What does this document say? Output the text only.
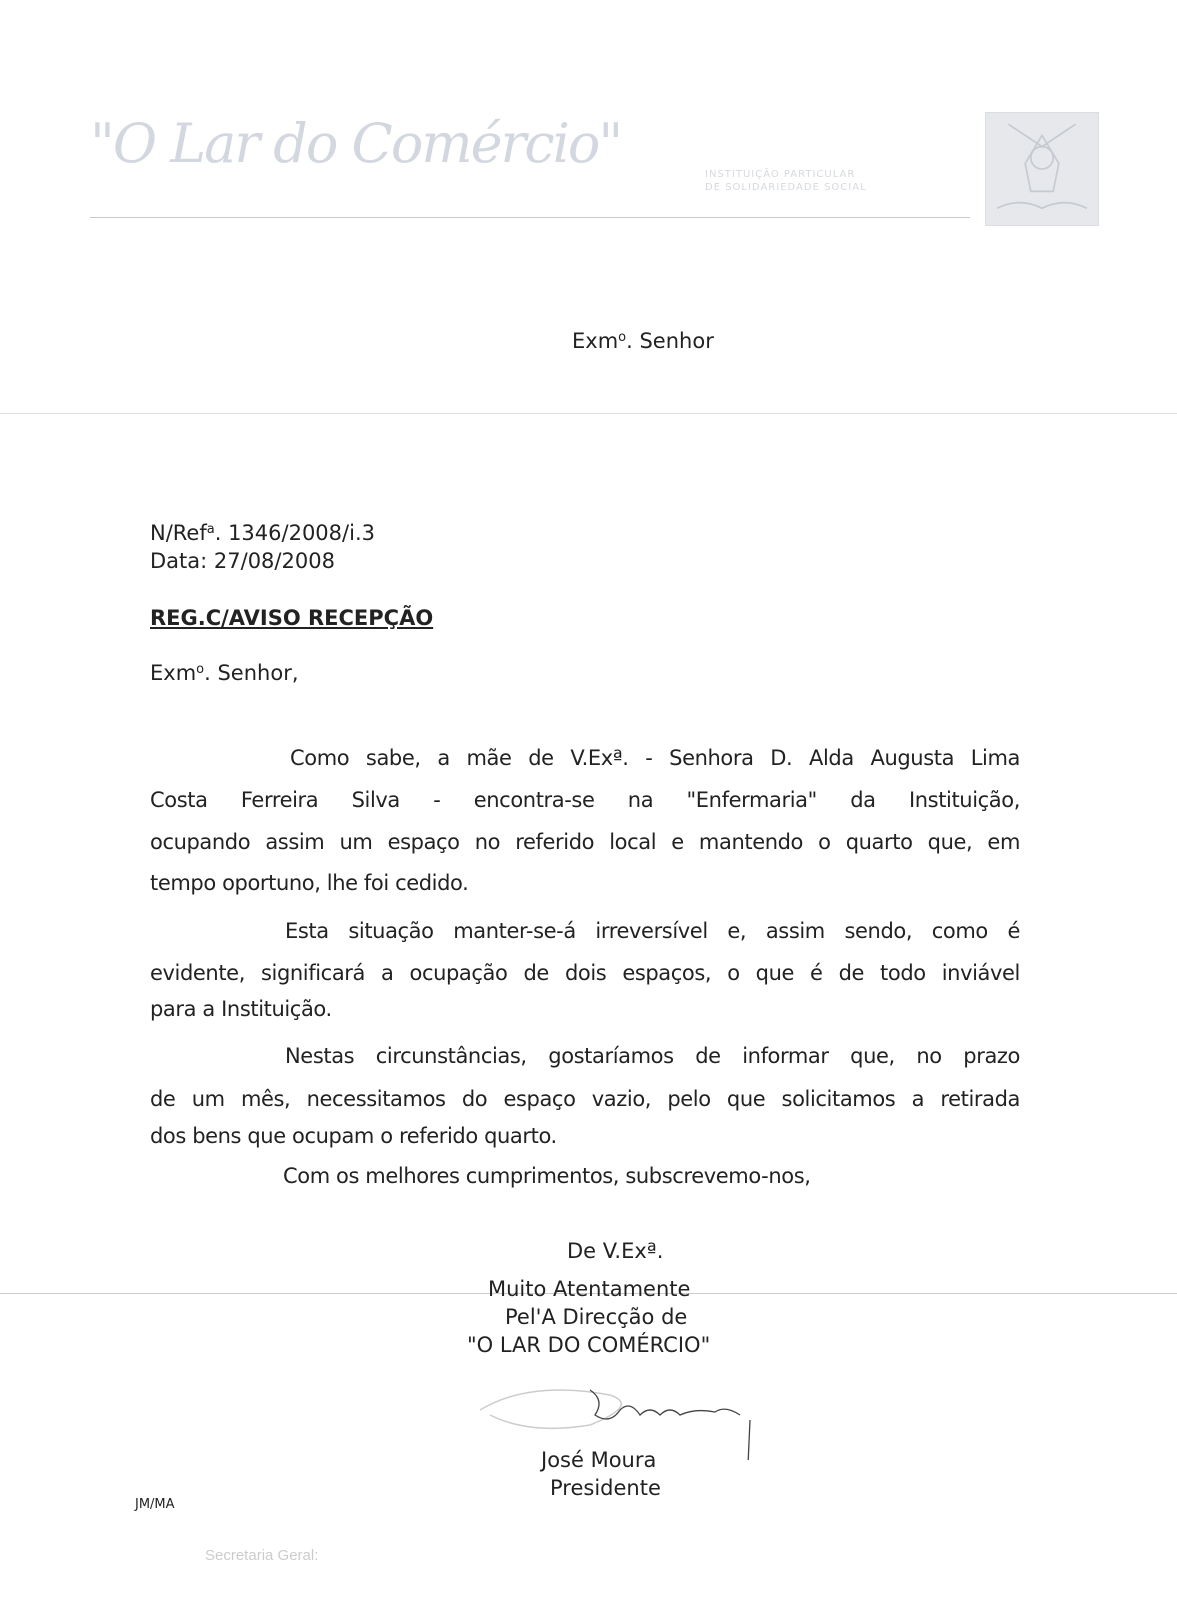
"O Lar do Comércio"	INSTITUIÇÃO PARTICULAR
DE SOLIDARIEDADE SOCIAL
Exm$^o$. Senhor
N/Ref$^a$. 1346/2008/i.3
Data: 27/08/2008
REG.C/AVISO RECEPÇÃO
Exm$^o$. Senhor,
Como sabe, a mãe de V.Exª. - Senhora D. Alda Augusta Lima
Costa Ferreira Silva - encontra-se na "Enfermaria" da Instituição,
ocupando assim um espaço no referido local e mantendo o quarto que, em
tempo oportuno, lhe foi cedido.
Esta situação manter-se-á irreversível e, assim sendo, como é
evidente, significará a ocupação de dois espaços, o que é de todo inviável
para a Instituição.
Nestas circunstâncias, gostaríamos de informar que, no prazo
de um mês, necessitamos do espaço vazio, pelo que solicitamos a retirada
dos bens que ocupam o referido quarto.
Com os melhores cumprimentos, subscrevemo-nos,
De V.Exª.
Muito Atentamente
Pel'A Direcção de
"O LAR DO COMÉRCIO"
José Moura
Presidente
JM/MA
Secretaria Geral:
